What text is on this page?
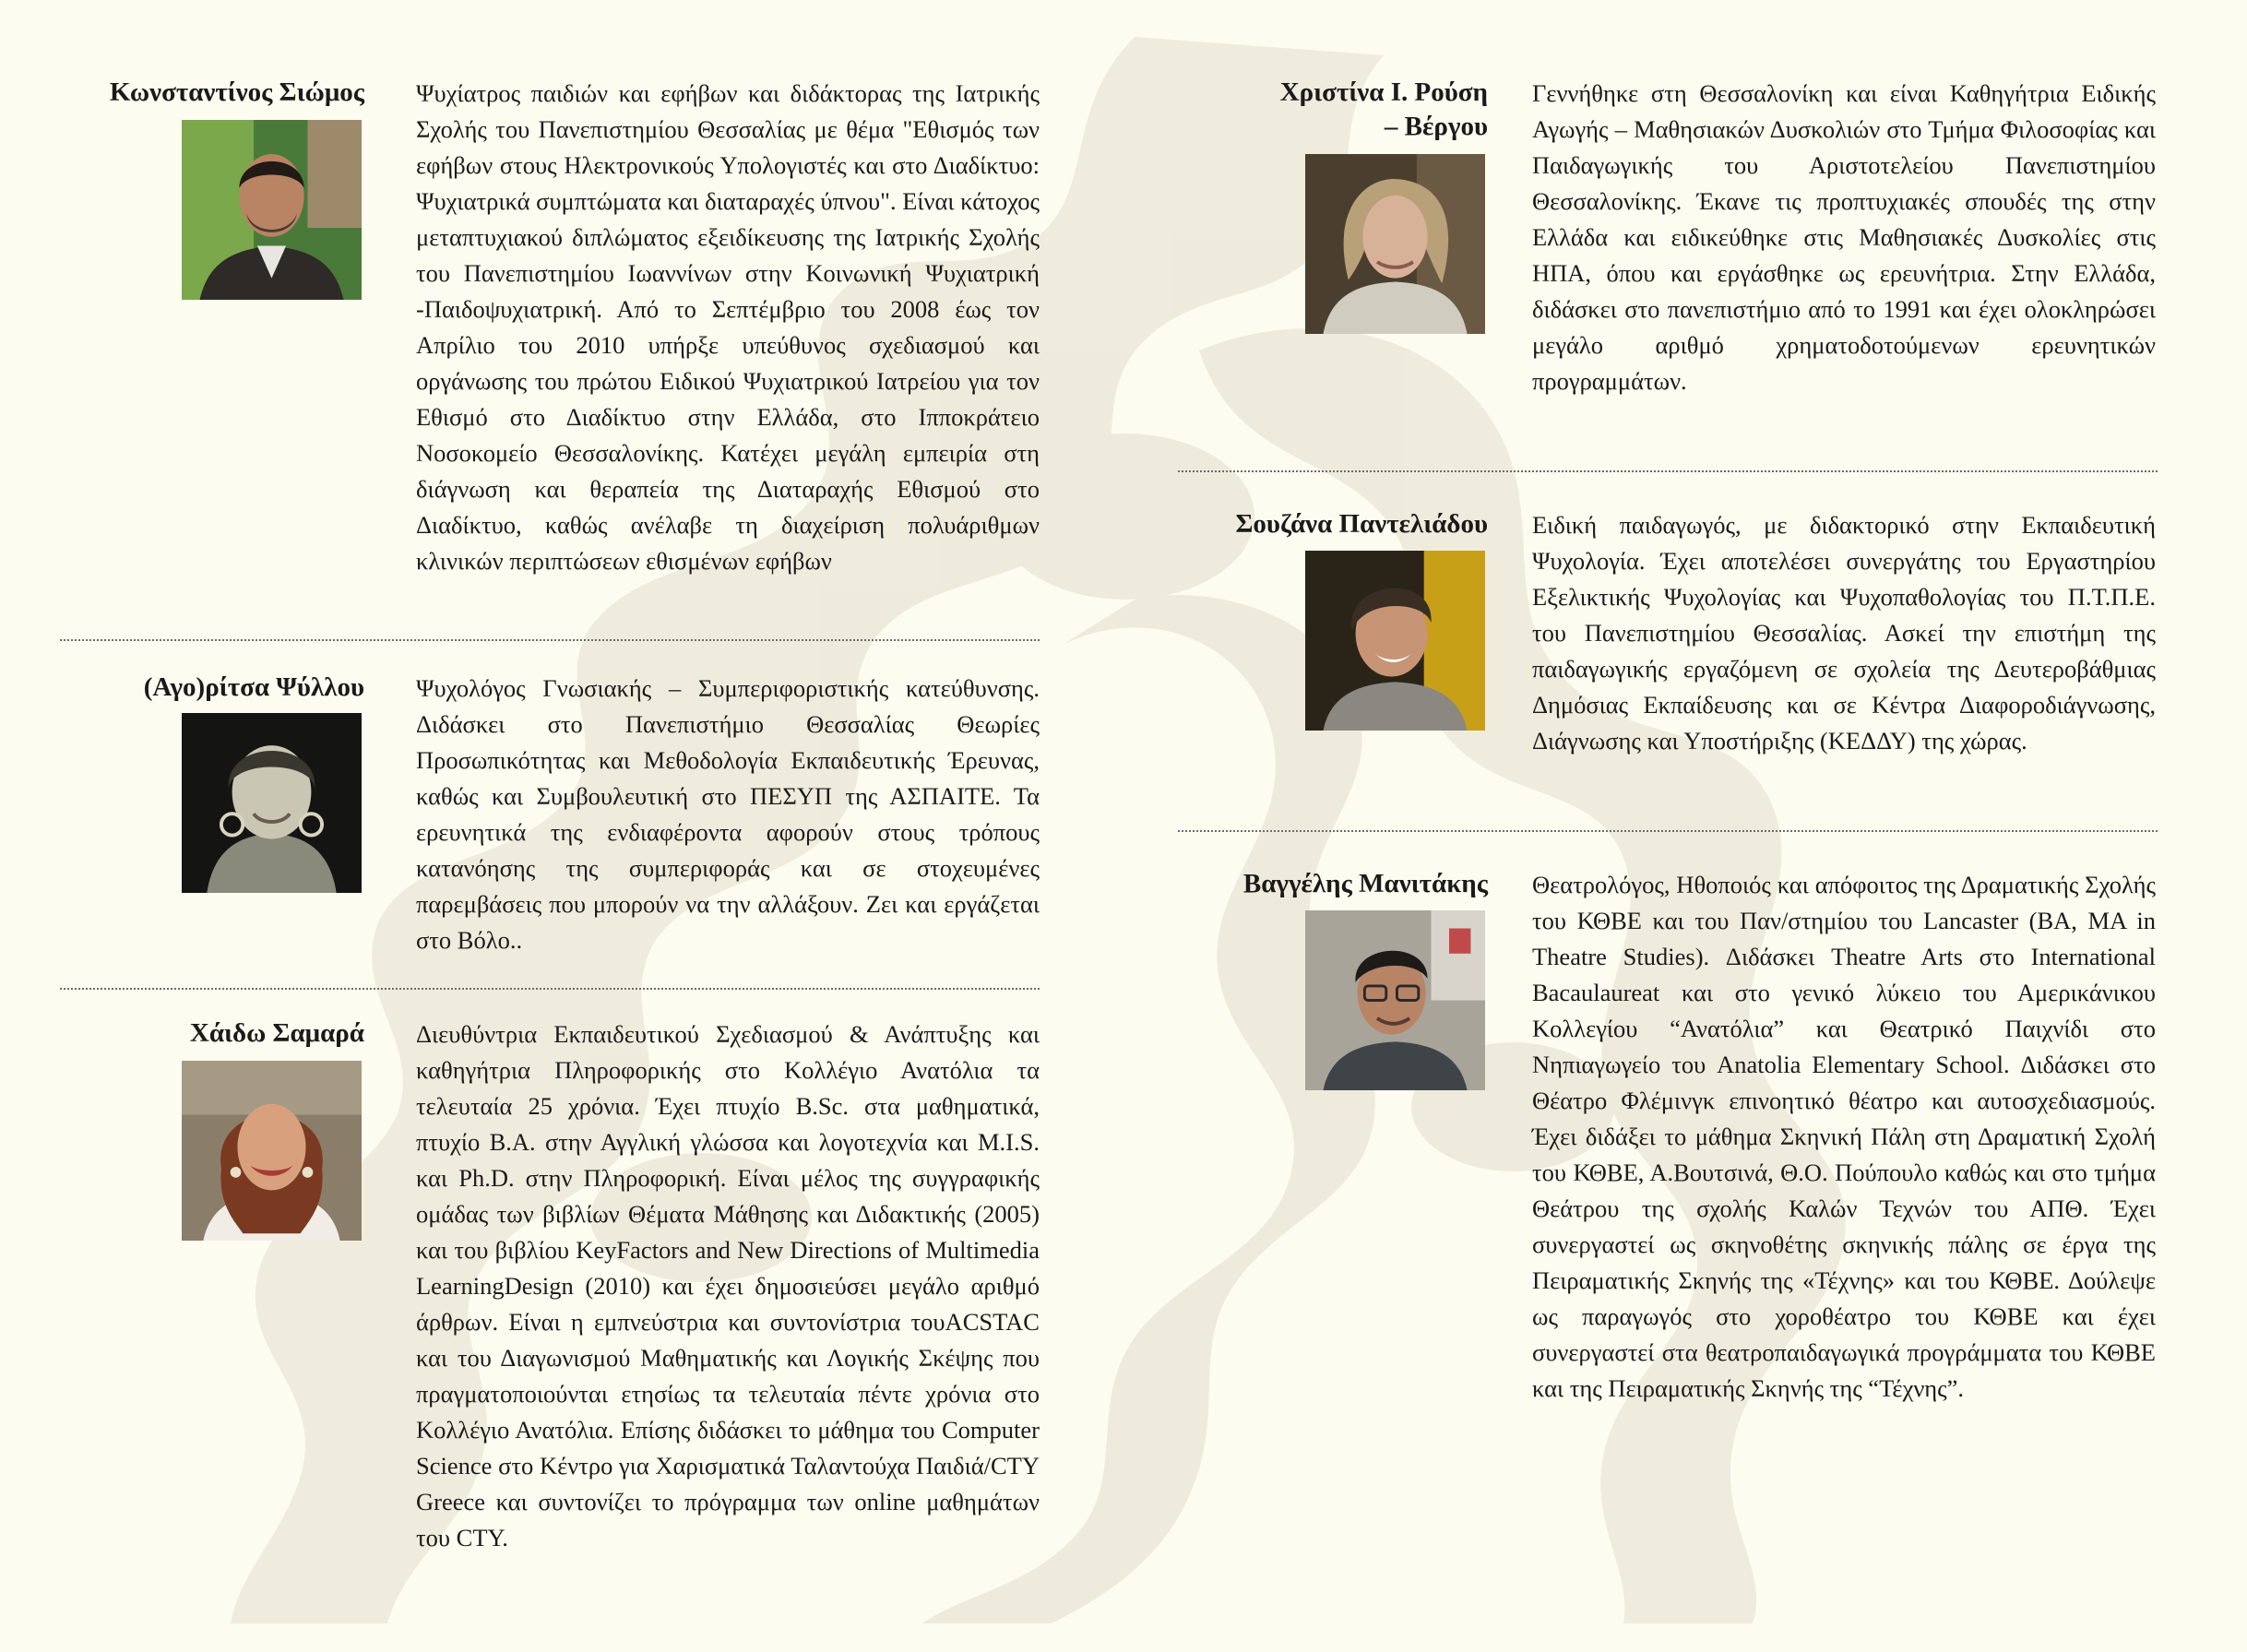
Κωνσταντίνος Σιώμος Ψυχίατρος παιδιών και εφήβων και διδάκτορας της Ιατρικής Σχολής του Πανεπιστημίου Θεσσαλίας με θέμα "Εθισμός των εφήβων στους Ηλεκτρονικούς Υπολογιστές και στο Διαδίκτυο: Ψυχιατρικά συμπτώματα και διαταραχές ύπνου". Είναι κάτοχος μεταπτυχιακού διπλώματος εξειδίκευσης της Ιατρικής Σχολής του Πανεπιστημίου Ιωαννίνων στην Κοινωνική Ψυχιατρική -Παιδοψυχιατρική. Από το Σεπτέμβριο του 2008 έως τον Απρίλιο του 2010 υπήρξε υπεύθυνος σχεδιασμού και οργάνωσης του πρώτου Ειδικού Ψυχιατρικού Ιατρείου για τον Εθισμό στο Διαδίκτυο στην Ελλάδα, στο Ιπποκράτειο Νοσοκομείο Θεσσαλονίκης. Κατέχει μεγάλη εμπειρία στη διάγνωση και θεραπεία της Διαταραχής Εθισμού στο Διαδίκτυο, καθώς ανέλαβε τη διαχείριση πολυάριθμων κλινικών περιπτώσεων εθισμένων εφήβων
(Αγο)ρίτσα Ψύλλου Ψυχολόγος Γνωσιακής – Συμπεριφοριστικής κατεύθυνσης. Διδάσκει στο Πανεπιστήμιο Θεσσαλίας Θεωρίες Προσωπικότητας και Μεθοδολογία Εκπαιδευτικής Έρευνας, καθώς και Συμβουλευτική στο ΠΕΣΥΠ της ΑΣΠΑΙΤΕ. Τα ερευνητικά της ενδιαφέροντα αφορούν στους τρόπους κατανόησης της συμπεριφοράς και σε στοχευμένες παρεμβάσεις που μπορούν να την αλλάξουν. Ζει και εργάζεται στο Βόλο..
Χάιδω Σαμαρά Διευθύντρια Εκπαιδευτικού Σχεδιασμού & Ανάπτυξης και καθηγήτρια Πληροφορικής στο Κολλέγιο Ανατόλια τα τελευταία 25 χρόνια. Έχει πτυχίο B.Sc. στα μαθηματικά, πτυχίο B.A. στην Αγγλική γλώσσα και λογοτεχνία και M.I.S. και Ph.D. στην Πληροφορική. Είναι μέλος της συγγραφικής ομάδας των βιβλίων Θέματα Μάθησης και Διδακτικής (2005) και του βιβλίου KeyFactors and New Directions of Multimedia LearningDesign (2010) και έχει δημοσιεύσει μεγάλο αριθμό άρθρων. Είναι η εμπνεύστρια και συντονίστρια τουACSTAC και του Διαγωνισμού Μαθηματικής και Λογικής Σκέψης που πραγματοποιούνται ετησίως τα τελευταία πέντε χρόνια στο Κολλέγιο Ανατόλια. Επίσης διδάσκει το μάθημα του Computer Science στο Κέντρο για Χαρισματικά Ταλαντούχα Παιδιά/CTY Greece και συντονίζει το πρόγραμμα των online μαθημάτων του CTY.
Χριστίνα Ι. Ρούση
– Βέργου
Γεννήθηκε στη Θεσσαλονίκη και είναι Καθηγήτρια Ειδικής Αγωγής – Μαθησιακών Δυσκολιών στο Τμήμα Φιλοσοφίας και Παιδαγωγικής του Αριστοτελείου Πανεπιστημίου Θεσσαλονίκης. Έκανε τις προπτυχιακές σπουδές της στην Ελλάδα και ειδικεύθηκε στις Μαθησιακές Δυσκολίες στις ΗΠΑ, όπου και εργάσθηκε ως ερευνήτρια. Στην Ελλάδα, διδάσκει στο πανεπιστήμιο από το 1991 και έχει ολοκληρώσει μεγάλο αριθμό χρηματοδοτούμενων ερευνητικών προγραμμάτων.
Σουζάνα Παντελιάδου Ειδική παιδαγωγός, με διδακτορικό στην Εκπαιδευτική Ψυχολογία. Έχει αποτελέσει συνεργάτης του Εργαστηρίου Εξελικτικής Ψυχολογίας και Ψυχοπαθολογίας του Π.Τ.Π.Ε. του Πανεπιστημίου Θεσσαλίας. Ασκεί την επιστήμη της παιδαγωγικής εργαζόμενη σε σχολεία της Δευτεροβάθμιας Δημόσιας Εκπαίδευσης και σε Κέντρα Διαφοροδιάγνωσης, Διάγνωσης και Υποστήριξης (ΚΕΔΔΥ) της χώρας.
Βαγγέλης Μανιτάκης Θεατρολόγος, Ηθοποιός και απόφοιτος της Δραματικής Σχολής του ΚΘΒΕ και του Παν/στημίου του Lancaster (BA, MA in Theatre Studies). Διδάσκει Theatre Arts στο International Bacaulaureat και στο γενικό λύκειο του Αμερικάνικου Κολλεγίου “Ανατόλια” και Θεατρικό Παιχνίδι στο Νηπιαγωγείο του Anatolia Elementary School. Διδάσκει στο Θέατρο Φλέμινγκ επινοητικό θέατρο και αυτοσχεδιασμούς. Έχει διδάξει το μάθημα Σκηνική Πάλη στη Δραματική Σχολή του ΚΘΒΕ, Α.Βουτσινά, Θ.Ο. Πούπουλο καθώς και στο τμήμα Θεάτρου της σχολής Καλών Τεχνών του ΑΠΘ. Έχει συνεργαστεί ως σκηνοθέτης σκηνικής πάλης σε έργα της Πειραματικής Σκηνής της «Τέχνης» και του ΚΘΒΕ. Δούλεψε ως παραγωγός στο χοροθέατρο του ΚΘΒΕ και έχει συνεργαστεί στα θεατροπαιδαγωγικά προγράμματα του ΚΘΒΕ και της Πειραματικής Σκηνής της “Τέχνης”.
